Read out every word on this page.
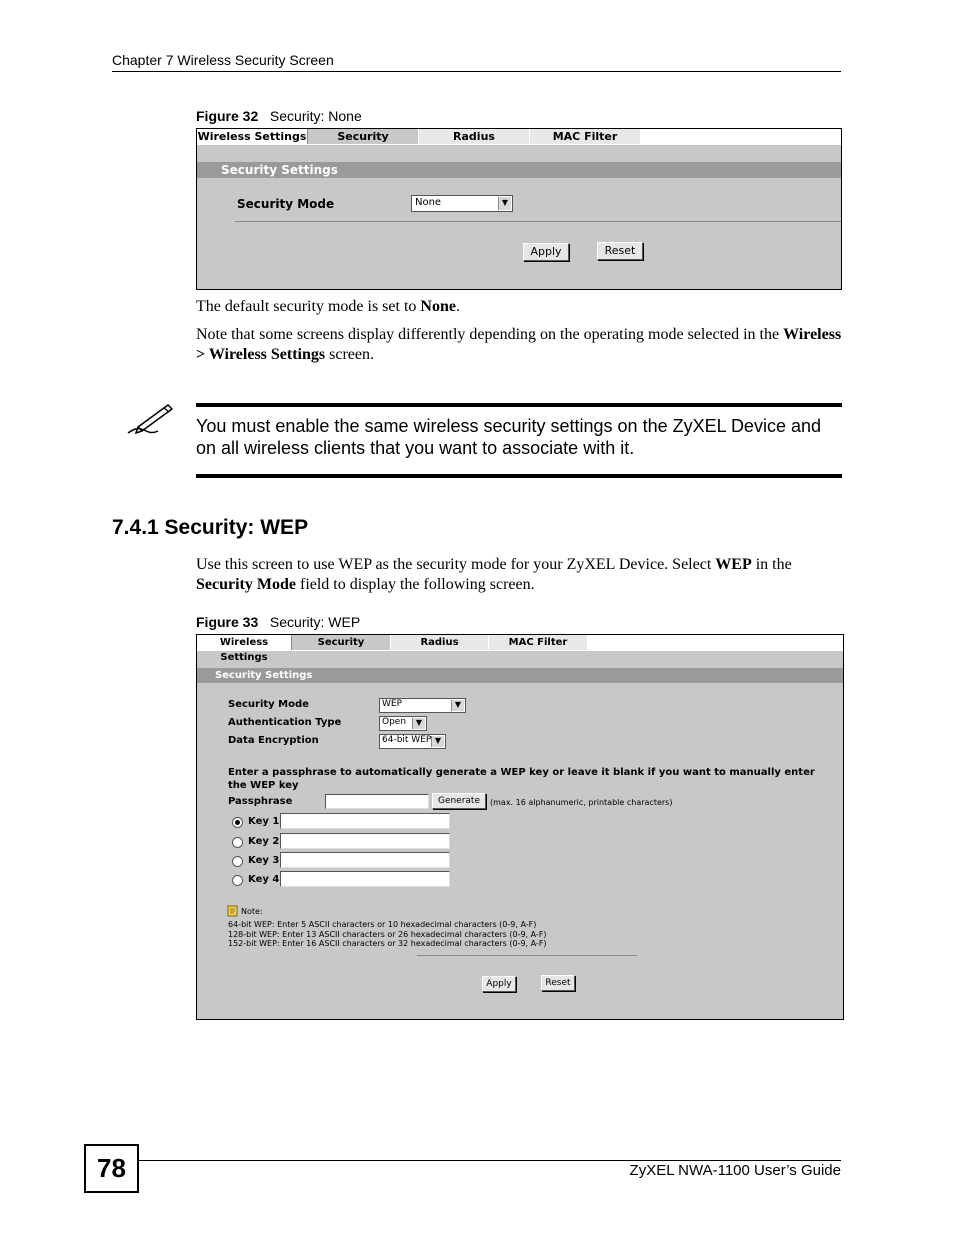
Chapter 7 Wireless Security Screen
Figure 32 Security: None
Wireless Settings	Security	Radius	MAC Filter
Security Settings
Security Mode	None	▼
Apply	Reset
The default security mode is set to None.
Note that some screens display differently depending on the operating mode selected in the Wireless > Wireless Settings screen.
You must enable the same wireless security settings on the ZyXEL Device and on all wireless clients that you want to associate with it.
7.4.1 Security: WEP
Use this screen to use WEP as the security mode for your ZyXEL Device. Select WEP in the Security Mode field to display the following screen.
Figure 33 Security: WEP
Wireless Settings
Security	Radius	MAC Filter
Security Settings
Security Mode	WEP	▼
Authentication Type	Open	▼
Data Encryption	64-bit WEP ▼
Enter a passphrase to automatically generate a WEP key or leave it blank if you want to manually enter the WEP key
Passphrase	Generate	(max. 16 alphanumeric, printable characters)
Key 1
Key 2
Key 3
Key 4
Note:
64-bit WEP: Enter 5 ASCII characters or 10 hexadecimal characters (0-9, A-F)
128-bit WEP: Enter 13 ASCII characters or 26 hexadecimal characters (0-9, A-F)
152-bit WEP: Enter 16 ASCII characters or 32 hexadecimal characters (0-9, A-F)
Apply	Reset
78	ZyXEL NWA-1100 User’s Guide
